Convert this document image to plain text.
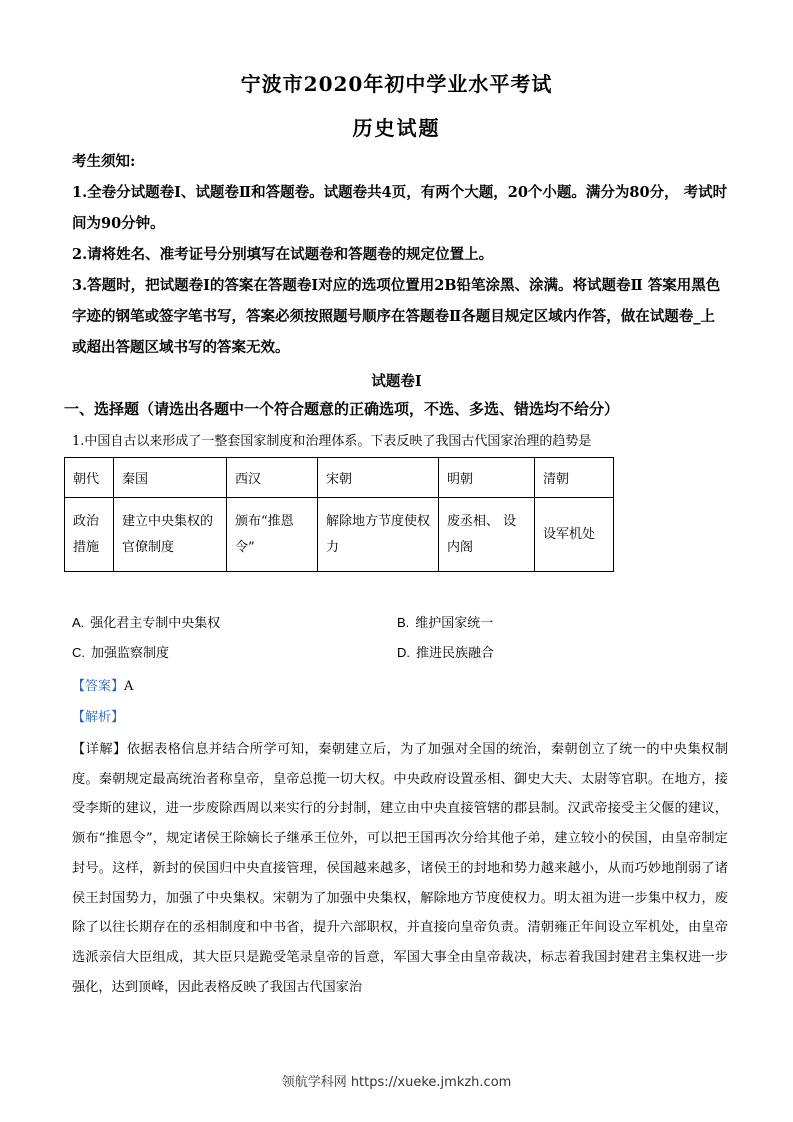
宁波市2020年初中学业水平考试
历史试题

考生须知:

1.全卷分试题卷Ⅰ、试题卷Ⅱ和答题卷。试题卷共4页，有两个大题，20个小题。满分为80分， 考试时间为90分钟。

2.请将姓名、准考证号分别填写在试题卷和答题卷的规定位置上。

3.答题时，把试题卷Ⅰ的答案在答题卷Ⅰ对应的选项位置用2B铅笔涂黑、涂满。将试题卷Ⅱ 答案用黑色字迹的钢笔或签字笔书写，答案必须按照题号顺序在答题卷Ⅱ各题目规定区域内作答，做在试题卷_上或超出答题区域书写的答案无效。

试题卷Ⅰ
一、选择题（请选出各题中一个符合题意的正确选项，不选、多选、错选均不给分）
1.中国自古以来形成了一整套国家制度和治理体系。下表反映了我国古代国家治理的趋势是
朝代	秦国	西汉	宋朝	明朝	清朝
政治措施	建立中央集权的官僚制度	颁布“推恩令”	解除地方节度使权力	废丞相、 设内阁	设军机处
A. 强化君主专制中央集权	B. 维护国家统一
C. 加强监察制度	D. 推进民族融合
【答案】A
【解析】
【详解】依据表格信息并结合所学可知，秦朝建立后，为了加强对全国的统治，秦朝创立了统一的中央集权制度。秦朝规定最高统治者称皇帝，皇帝总揽一切大权。中央政府设置丞相、御史大夫、太尉等官职。在地方，接受李斯的建议，进一步废除西周以来实行的分封制，建立由中央直接管辖的郡县制。汉武帝接受主父偃的建议，颁布“推恩令”，规定诸侯王除嫡长子继承王位外，可以把王国再次分给其他子弟，建立较小的侯国，由皇帝制定封号。这样，新封的侯国归中央直接管理，侯国越来越多，诸侯王的封地和势力越来越小，从而巧妙地削弱了诸侯王封国势力，加强了中央集权。宋朝为了加强中央集权，解除地方节度使权力。明太祖为进一步集中权力，废除了以往长期存在的丞相制度和中书省，提升六部职权，并直接向皇帝负责。清朝雍正年间设立军机处，由皇帝选派亲信大臣组成，其大臣只是跪受笔录皇帝的旨意，军国大事全由皇帝裁决，标志着我国封建君主集权进一步强化，达到顶峰，因此表格反映了我国古代国家治
领航学科网 https://xueke.jmkzh.com
